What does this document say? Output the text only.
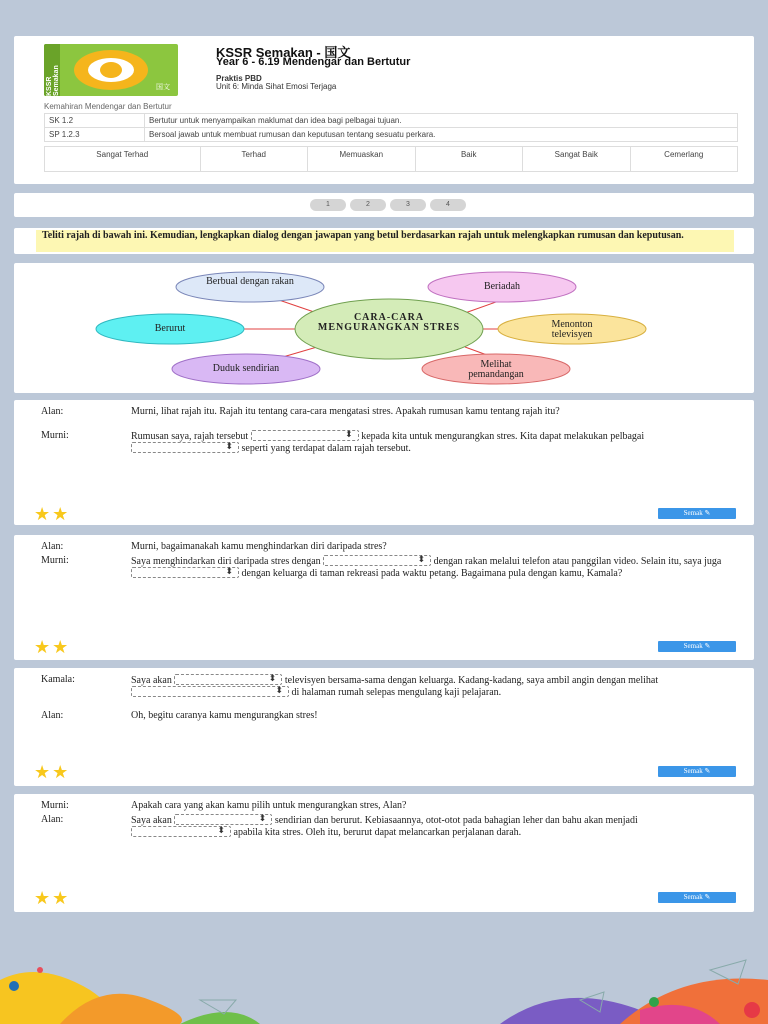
KSSR Semakan	国文
KSSR Semakan - 国文
Year 6 - 6.19 Mendengar dan Bertutur
Praktis PBD
Unit 6: Minda Sihat Emosi Terjaga
Kemahiran Mendengar dan Bertutur
SK 1.2	Bertutur untuk menyampaikan maklumat dan idea bagi pelbagai tujuan.
SP 1.2.3	Bersoal jawab untuk membuat rumusan dan keputusan tentang sesuatu perkara.
Sangat Terhad	Terhad	Memuaskan	Baik	Sangat Baik	Cemerlang
1	2	3	4
Teliti rajah di bawah ini. Kemudian, lengkapkan dialog dengan jawapan yang betul berdasarkan rajah untuk melengkapkan rumusan dan keputusan.
Berbual dengan rakan	Beriadah
Berurut	Menonton televisyen
Duduk sendirian	Melihat pemandangan
CARA-CARA MENGURANGKAN STRES
Alan:	Murni, lihat rajah itu. Rajah itu tentang cara-cara mengatasi stres. Apakah rumusan kamu tentang rajah itu?
Murni:	Rumusan saya, rajah tersebut ⬍	kepada kita untuk mengurangkan stres. Kita dapat melakukan pelbagai ⬍ seperti yang terdapat dalam rajah tersebut.
★ ★	Semak ✎
Alan:	Murni, bagaimanakah kamu menghindarkan diri daripada stres?
Murni:	Saya menghindarkan diri daripada stres dengan ⬍	dengan rakan melalui telefon atau panggilan video. Selain itu, saya juga ⬍ dengan keluarga di taman rekreasi pada waktu petang. Bagaimana pula dengan kamu, Kamala?
★ ★	Semak ✎
Kamala:	Saya akan ⬍	televisyen bersama-sama dengan keluarga. Kadang-kadang, saya ambil angin dengan melihat ⬍ di halaman rumah selepas mengulang kaji pelajaran.
Alan:	Oh, begitu caranya kamu mengurangkan stres!
★ ★	Semak ✎
Murni:	Apakah cara yang akan kamu pilih untuk mengurangkan stres, Alan?
Alan:	Saya akan ⬍	sendirian dan berurut. Kebiasaannya, otot-otot pada bahagian leher dan bahu akan menjadi ⬍ apabila kita stres. Oleh itu, berurut dapat melancarkan perjalanan darah.
★ ★	Semak ✎
